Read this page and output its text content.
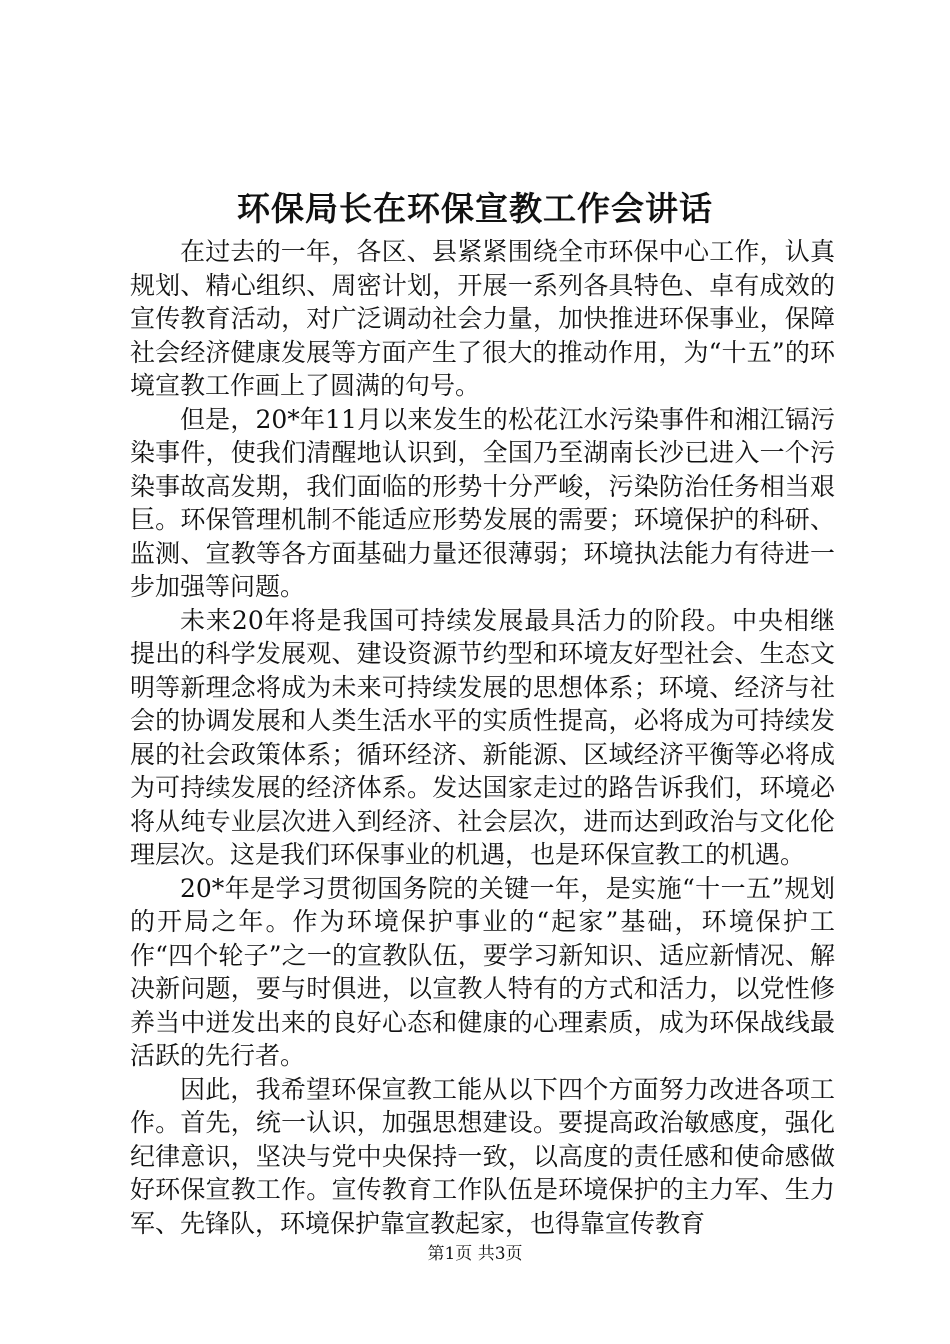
环保局长在环保宣教工作会讲话

在过去的一年，各区、县紧紧围绕全市环保中心工作，认真规划、精心组织、周密计划，开展一系列各具特色、卓有成效的宣传教育活动，对广泛调动社会力量，加快推进环保事业，保障社会经济健康发展等方面产生了很大的推动作用，为“十五”的环境宣教工作画上了圆满的句号。

但是，20*年11月以来发生的松花江水污染事件和湘江镉污染事件，使我们清醒地认识到，全国乃至湖南长沙已进入一个污染事故高发期，我们面临的形势十分严峻，污染防治任务相当艰巨。环保管理机制不能适应形势发展的需要；环境保护的科研、监测、宣教等各方面基础力量还很薄弱；环境执法能力有待进一步加强等问题。

未来20年将是我国可持续发展最具活力的阶段。中央相继提出的科学发展观、建设资源节约型和环境友好型社会、生态文明等新理念将成为未来可持续发展的思想体系；环境、经济与社会的协调发展和人类生活水平的实质性提高，必将成为可持续发展的社会政策体系；循环经济、新能源、区域经济平衡等必将成为可持续发展的经济体系。发达国家走过的路告诉我们，环境必将从纯专业层次进入到经济、社会层次，进而达到政治与文化伦理层次。这是我们环保事业的机遇，也是环保宣教工的机遇。

20*年是学习贯彻国务院的关键一年，是实施“十一五”规划的开局之年。作为环境保护事业的“起家”基础，环境保护工作“四个轮子”之一的宣教队伍，要学习新知识、适应新情况、解决新问题，要与时俱进，以宣教人特有的方式和活力，以党性修养当中迸发出来的良好心态和健康的心理素质，成为环保战线最活跃的先行者。

因此，我希望环保宣教工能从以下四个方面努力改进各项工作。首先，统一认识，加强思想建设。要提高政治敏感度，强化纪律意识，坚决与党中央保持一致，以高度的责任感和使命感做好环保宣教工作。宣传教育工作队伍是环境保护的主力军、生力军、先锋队，环境保护靠宣教起家，也得靠宣传教育

第1页 共3页
